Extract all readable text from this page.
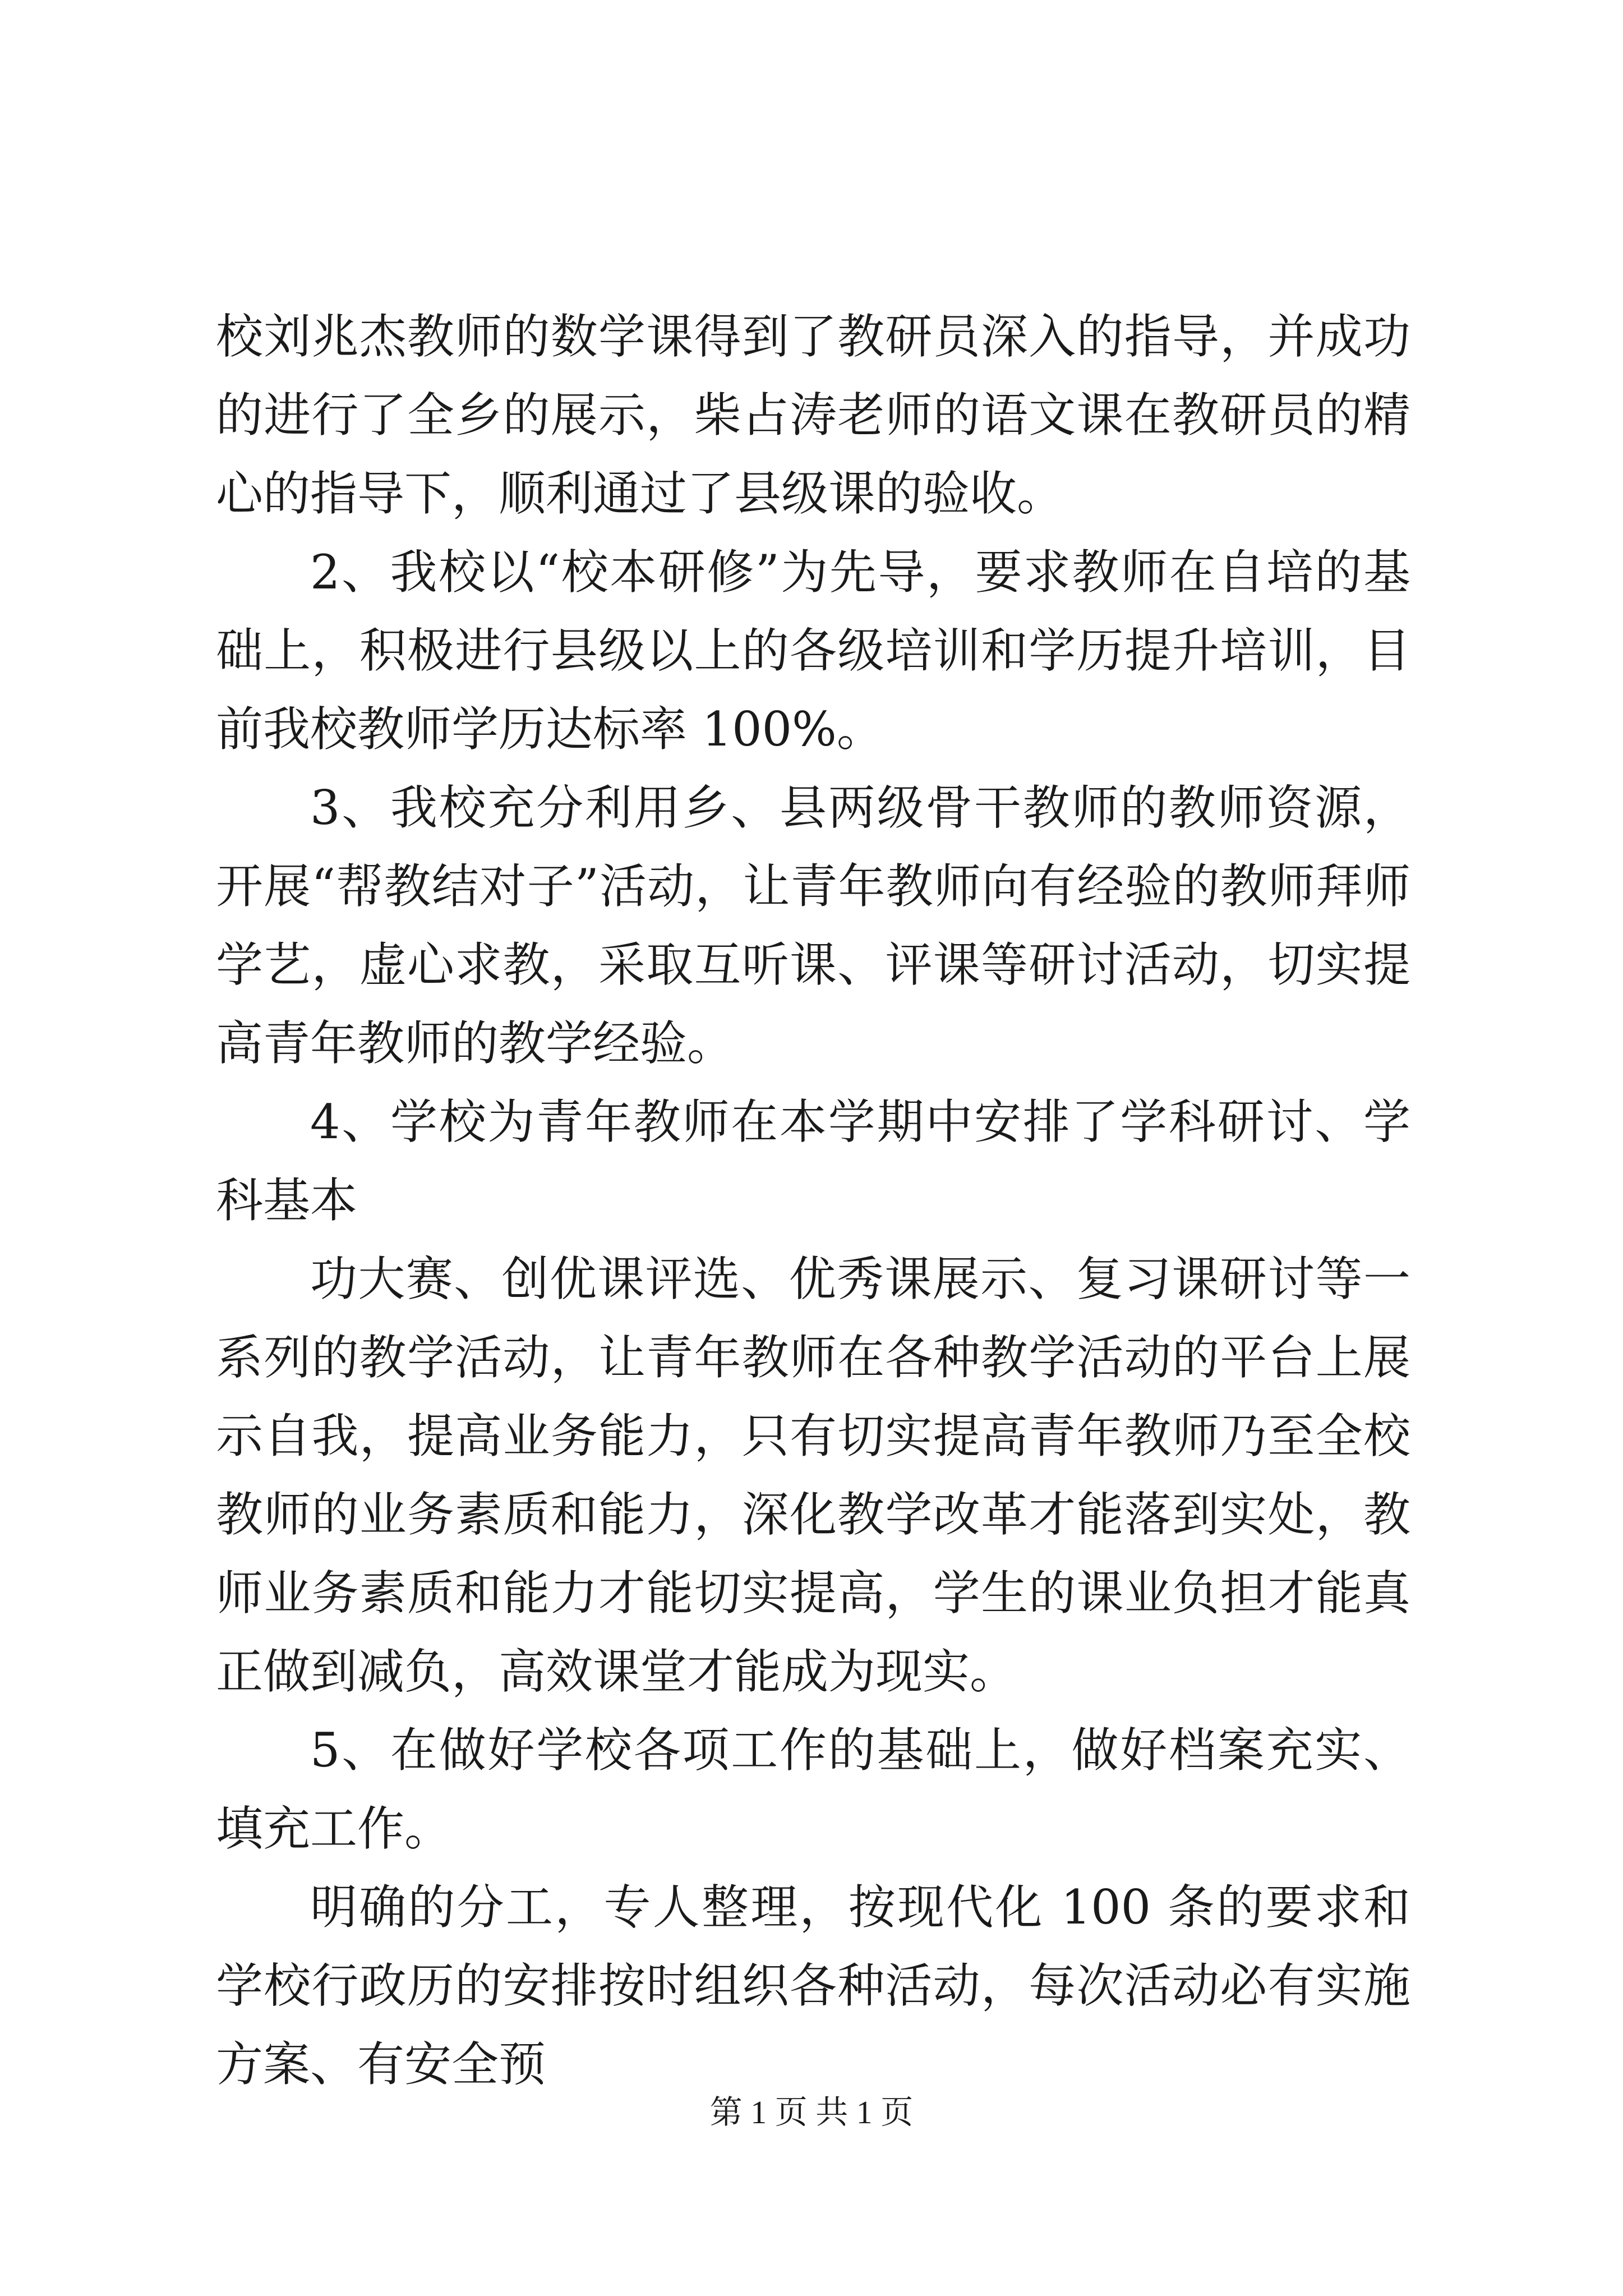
校刘兆杰教师的数学课得到了教研员深入的指导，并成功的进行了全乡的展示，柴占涛老师的语文课在教研员的精心的指导下，顺利通过了县级课的验收。

2、我校以“校本研修”为先导，要求教师在自培的基础上，积极进行县级以上的各级培训和学历提升培训，目前我校教师学历达标率 100%。

3、我校充分利用乡、县两级骨干教师的教师资源，开展“帮教结对子”活动，让青年教师向有经验的教师拜师学艺，虚心求教，采取互听课、评课等研讨活动，切实提高青年教师的教学经验。

4、学校为青年教师在本学期中安排了学科研讨、学科基本

功大赛、创优课评选、优秀课展示、复习课研讨等一系列的教学活动，让青年教师在各种教学活动的平台上展示自我，提高业务能力，只有切实提高青年教师乃至全校教师的业务素质和能力，深化教学改革才能落到实处，教师业务素质和能力才能切实提高，学生的课业负担才能真正做到减负，高效课堂才能成为现实。

5、在做好学校各项工作的基础上，做好档案充实、填充工作。

明确的分工，专人整理，按现代化 100 条的要求和学校行政历的安排按时组织各种活动，每次活动必有实施方案、有安全预

第 1 页 共 1 页
